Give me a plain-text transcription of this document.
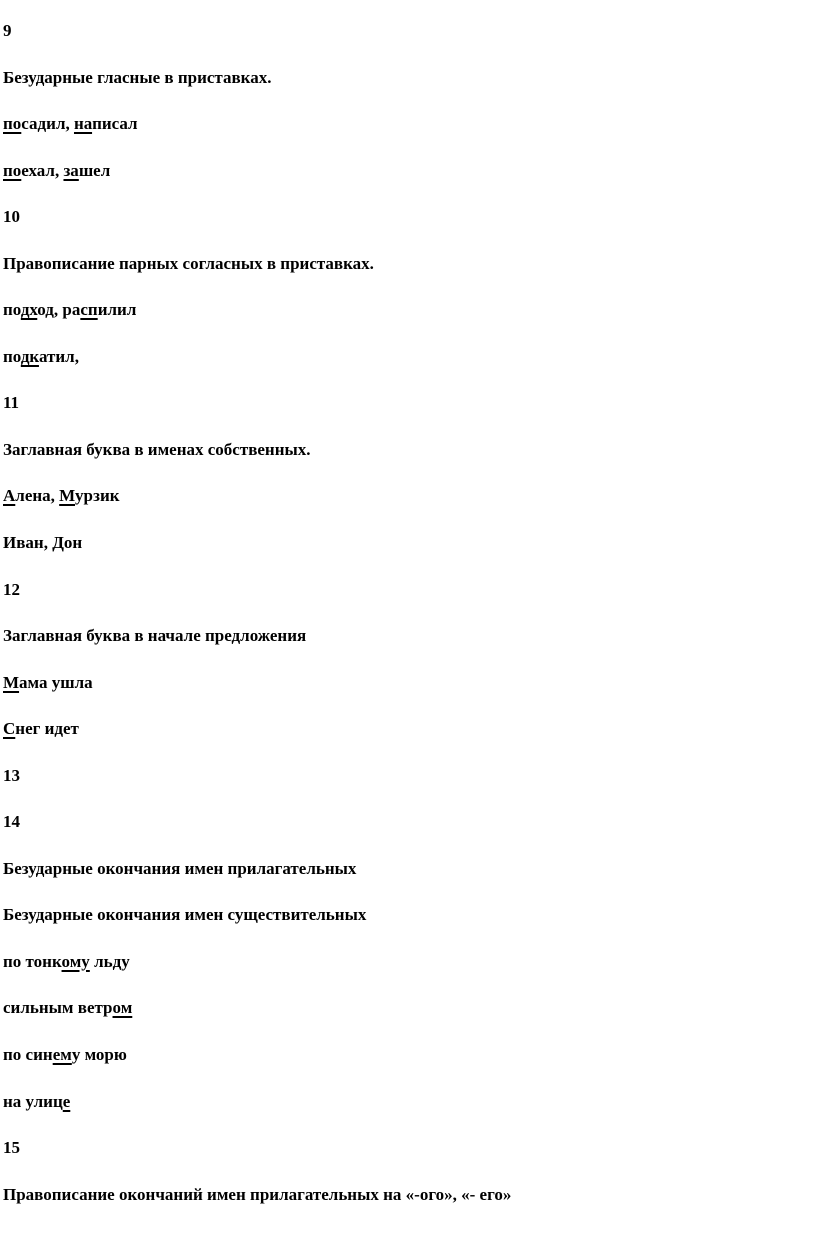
9
Безударные гласные в приставках.
посадил, написал
поехал, зашел
10
Правописание парных согласных в приставках.
подход, распилил
подкатил,
11
Заглавная буква в именах собственных.
Алена, Мурзик
Иван, Дон
12
Заглавная буква в начале предложения
Мама ушла
Снег идет
13
14
Безударные окончания имен прилагательных
Безударные окончания имен существительных
по тонкому льду
сильным ветром
по синему морю
на улице
15
Правописание окончаний имен прилагательных на «-ого», «- его»
